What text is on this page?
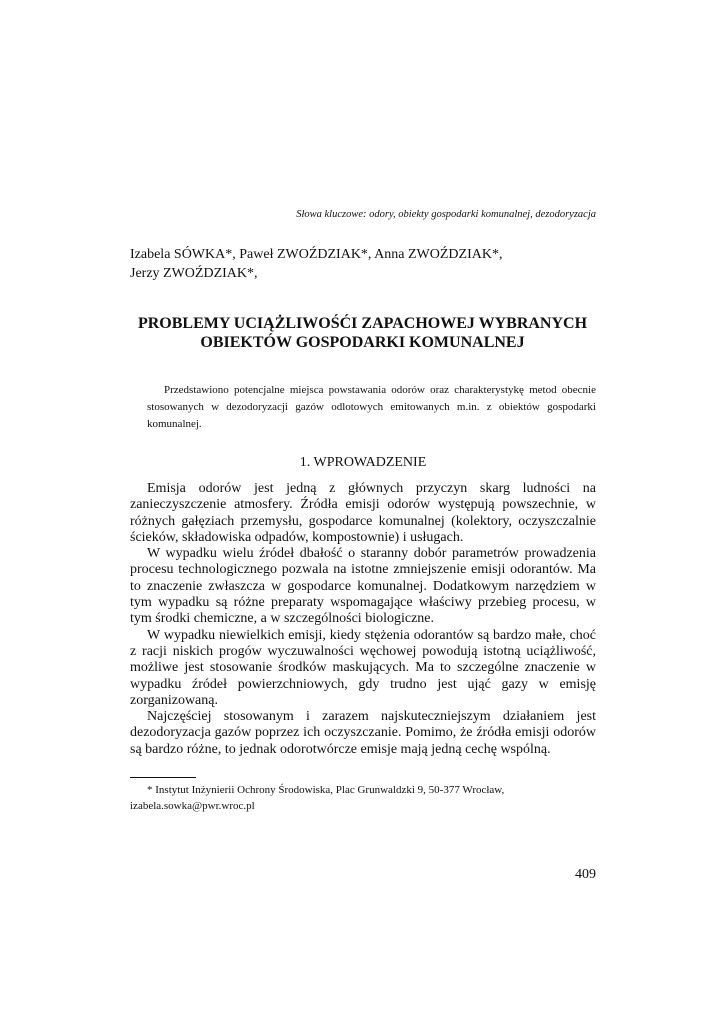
Słowa kluczowe: odory, obiekty gospodarki komunalnej, dezodoryzacja
Izabela SÓWKA*, Paweł ZWOŹDZIAK*, Anna ZWOŹDZIAK*,
Jerzy ZWOŹDZIAK*,
PROBLEMY UCIĄŻLIWOŚĆI ZAPACHOWEJ WYBRANYCH
OBIEKTÓW GOSPODARKI KOMUNALNEJ

Przedstawiono potencjalne miejsca powstawania odorów oraz charakterystykę metod obecnie stosowanych w dezodoryzacji gazów odlotowych emitowanych m.in. z obiektów gospodarki komunalnej.

1. WPROWADZENIE

Emisja odorów jest jedną z głównych przyczyn skarg ludności na zanieczyszczenie atmosfery. Źródła emisji odorów występują powszechnie, w różnych gałęziach przemysłu, gospodarce komunalnej (kolektory, oczyszczalnie ścieków, składowiska odpadów, kompostownie) i usługach.

W wypadku wielu źródeł dbałość o staranny dobór parametrów prowadzenia procesu technologicznego pozwala na istotne zmniejszenie emisji odorantów. Ma to znaczenie zwłaszcza w gospodarce komunalnej. Dodatkowym narzędziem w tym wypadku są różne preparaty wspomagające właściwy przebieg procesu, w tym środki chemiczne, a w szczególności biologiczne.

W wypadku niewielkich emisji, kiedy stężenia odorantów są bardzo małe, choć z racji niskich progów wyczuwalności węchowej powodują istotną uciążliwość, możliwe jest stosowanie środków maskujących. Ma to szczególne znaczenie w wypadku źródeł powierzchniowych, gdy trudno jest ująć gazy w emisję zorganizowaną.

Najczęściej stosowanym i zarazem najskuteczniejszym działaniem jest dezodoryzacja gazów poprzez ich oczyszczanie. Pomimo, że źródła emisji odorów są bardzo różne, to jednak odorotwórcze emisje mają jedną cechę wspólną.

* Instytut Inżynierii Ochrony Środowiska, Plac Grunwaldzki 9, 50-377 Wrocław,
izabela.sowka@pwr.wroc.pl
409
